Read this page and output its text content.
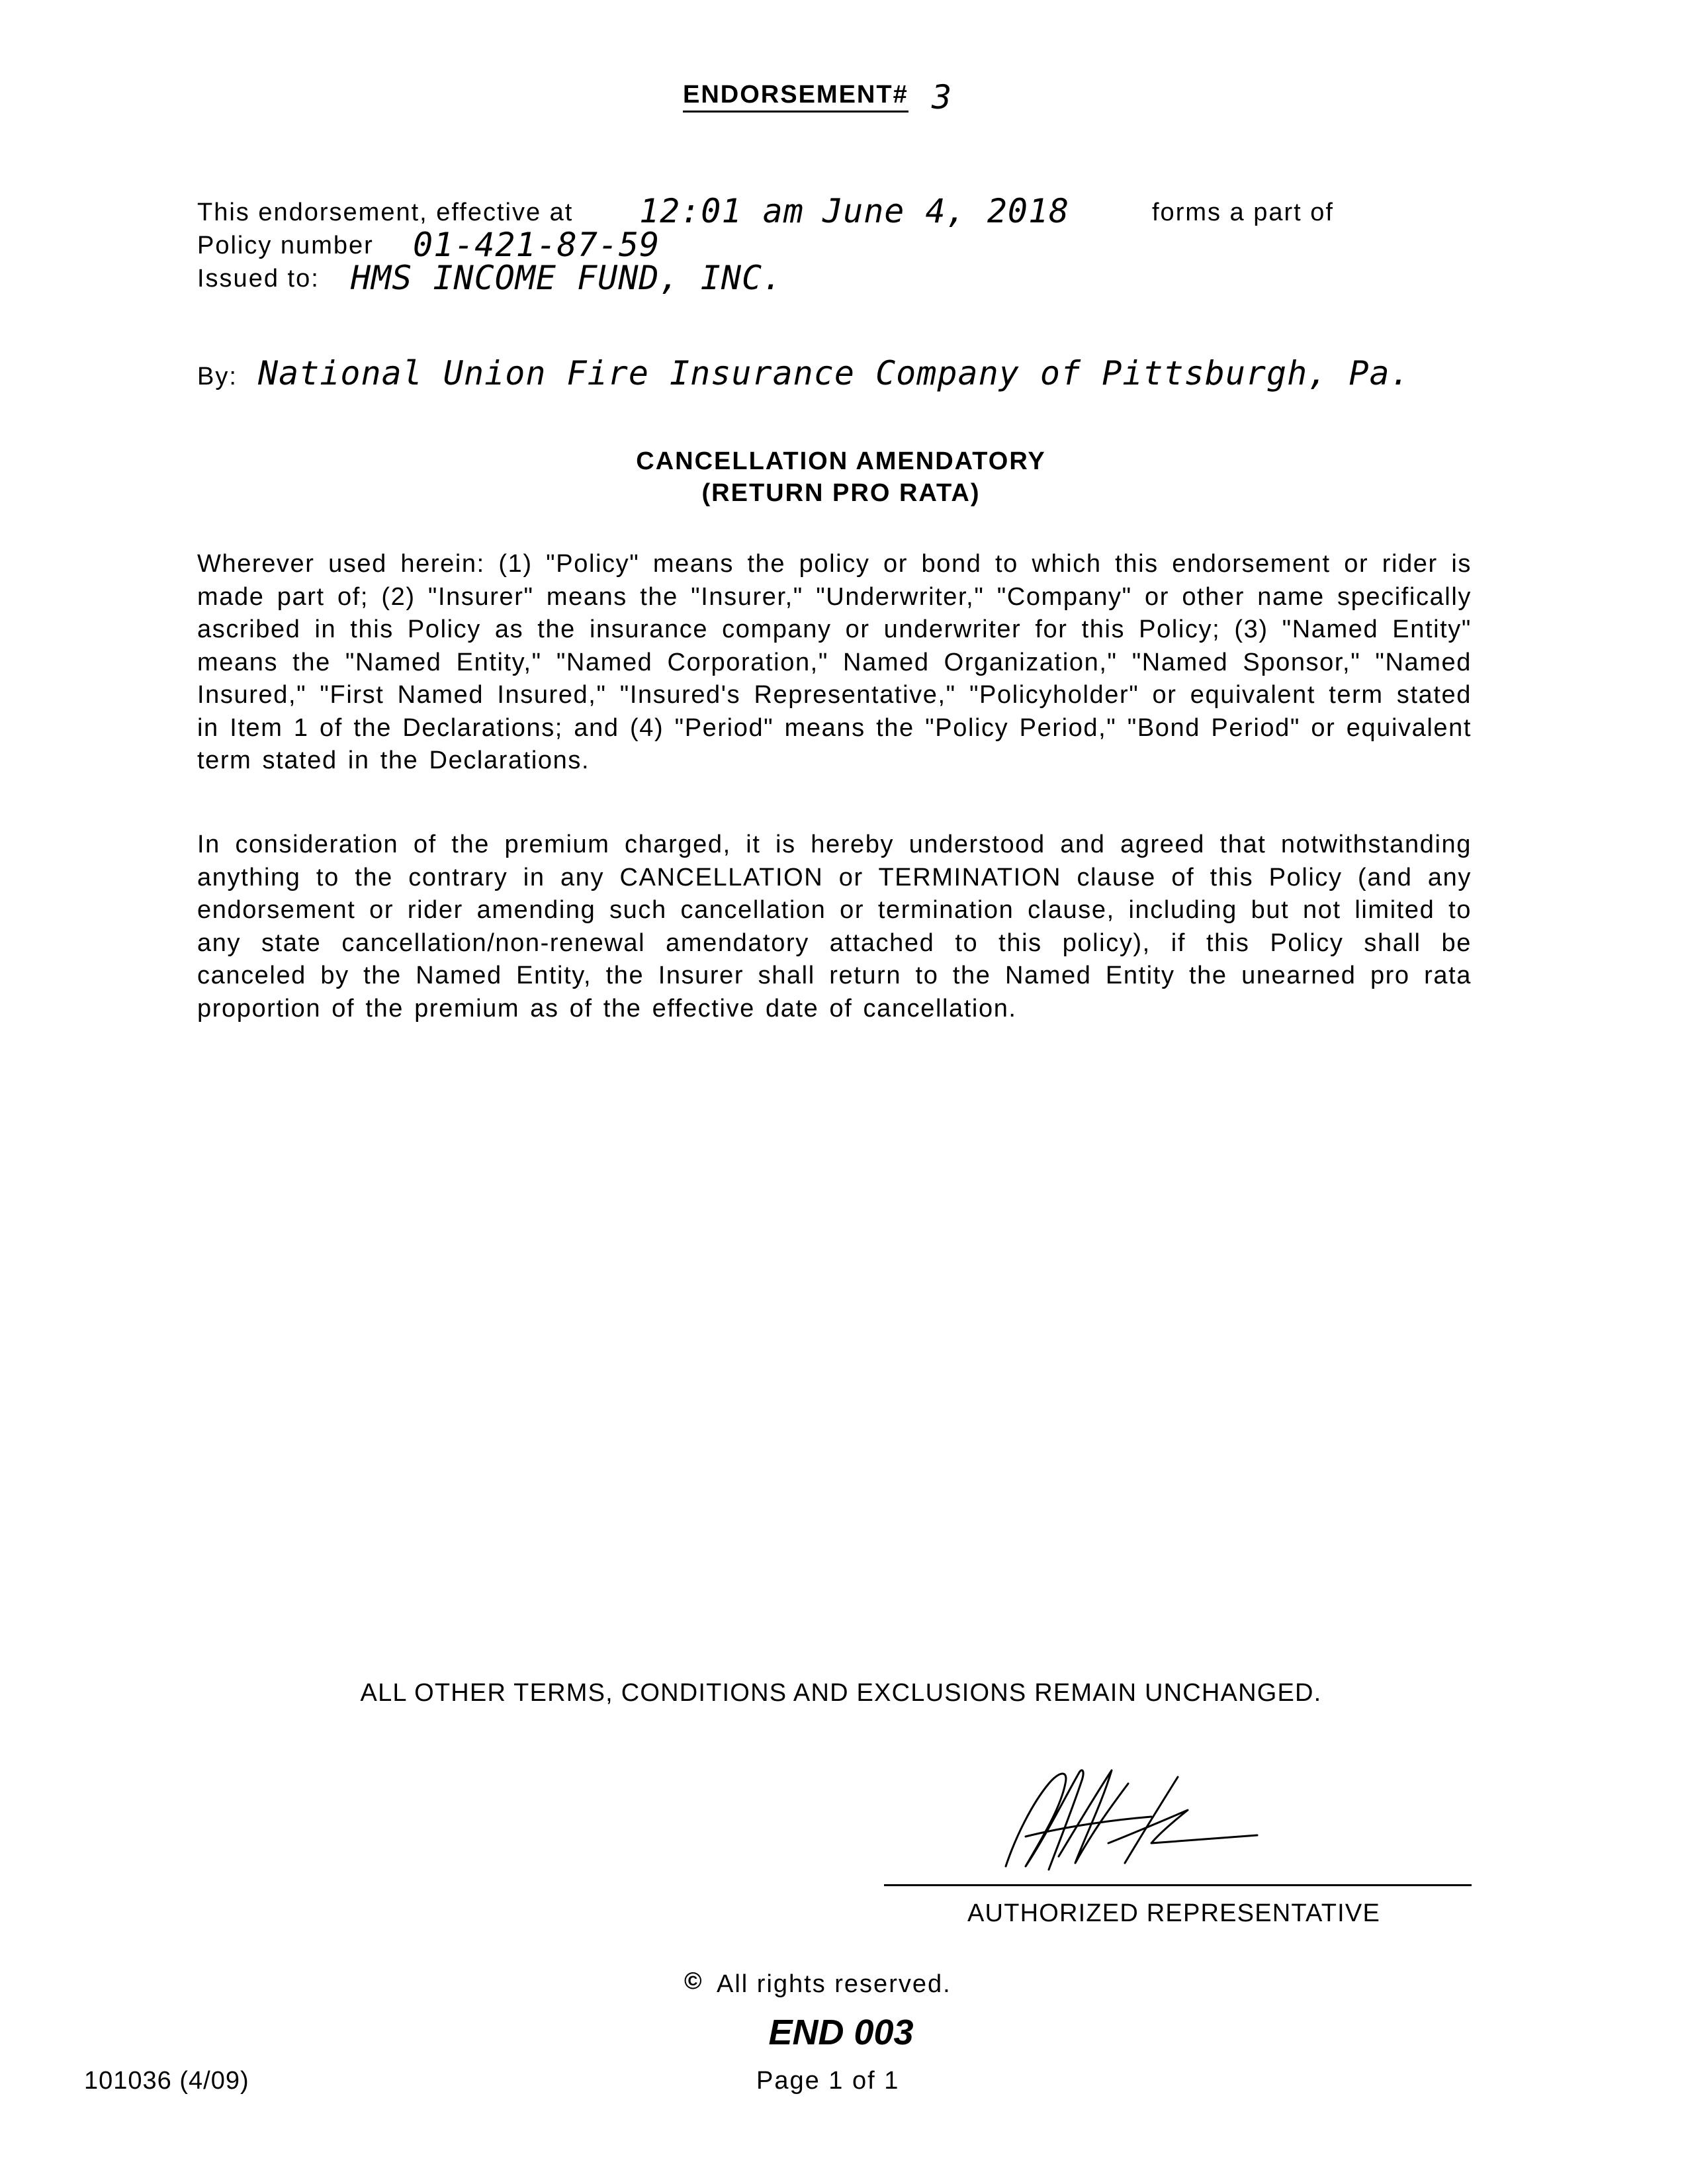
ENDORSEMENT# 3
This endorsement, effective at 12:01 am June 4, 2018	forms a part of
Policy number 01-421-87-59
Issued to: HMS INCOME FUND, INC.
By: National Union Fire Insurance Company of Pittsburgh, Pa.
CANCELLATION AMENDATORY
(RETURN PRO RATA)

Wherever used herein: (1) "Policy" means the policy or bond to which this endorsement or rider is made part of; (2) "Insurer" means the "Insurer," "Underwriter," "Company" or other name specifically ascribed in this Policy as the insurance company or underwriter for this Policy; (3) "Named Entity" means the "Named Entity," "Named Corporation," Named Organization," "Named Sponsor," "Named Insured," "First Named Insured," "Insured's Representative," "Policyholder" or equivalent term stated in Item 1 of the Declarations; and (4) "Period" means the "Policy Period," "Bond Period" or equivalent term stated in the Declarations.

In consideration of the premium charged, it is hereby understood and agreed that notwithstanding anything to the contrary in any CANCELLATION or TERMINATION clause of this Policy (and any endorsement or rider amending such cancellation or termination clause, including but not limited to any state cancellation/non-renewal amendatory attached to this policy), if this Policy shall be canceled by the Named Entity, the Insurer shall return to the Named Entity the unearned pro rata proportion of the premium as of the effective date of cancellation.

ALL OTHER TERMS, CONDITIONS AND EXCLUSIONS REMAIN UNCHANGED.
AUTHORIZED REPRESENTATIVE
© All rights reserved.
END 003
101036 (4/09)	Page 1 of 1
